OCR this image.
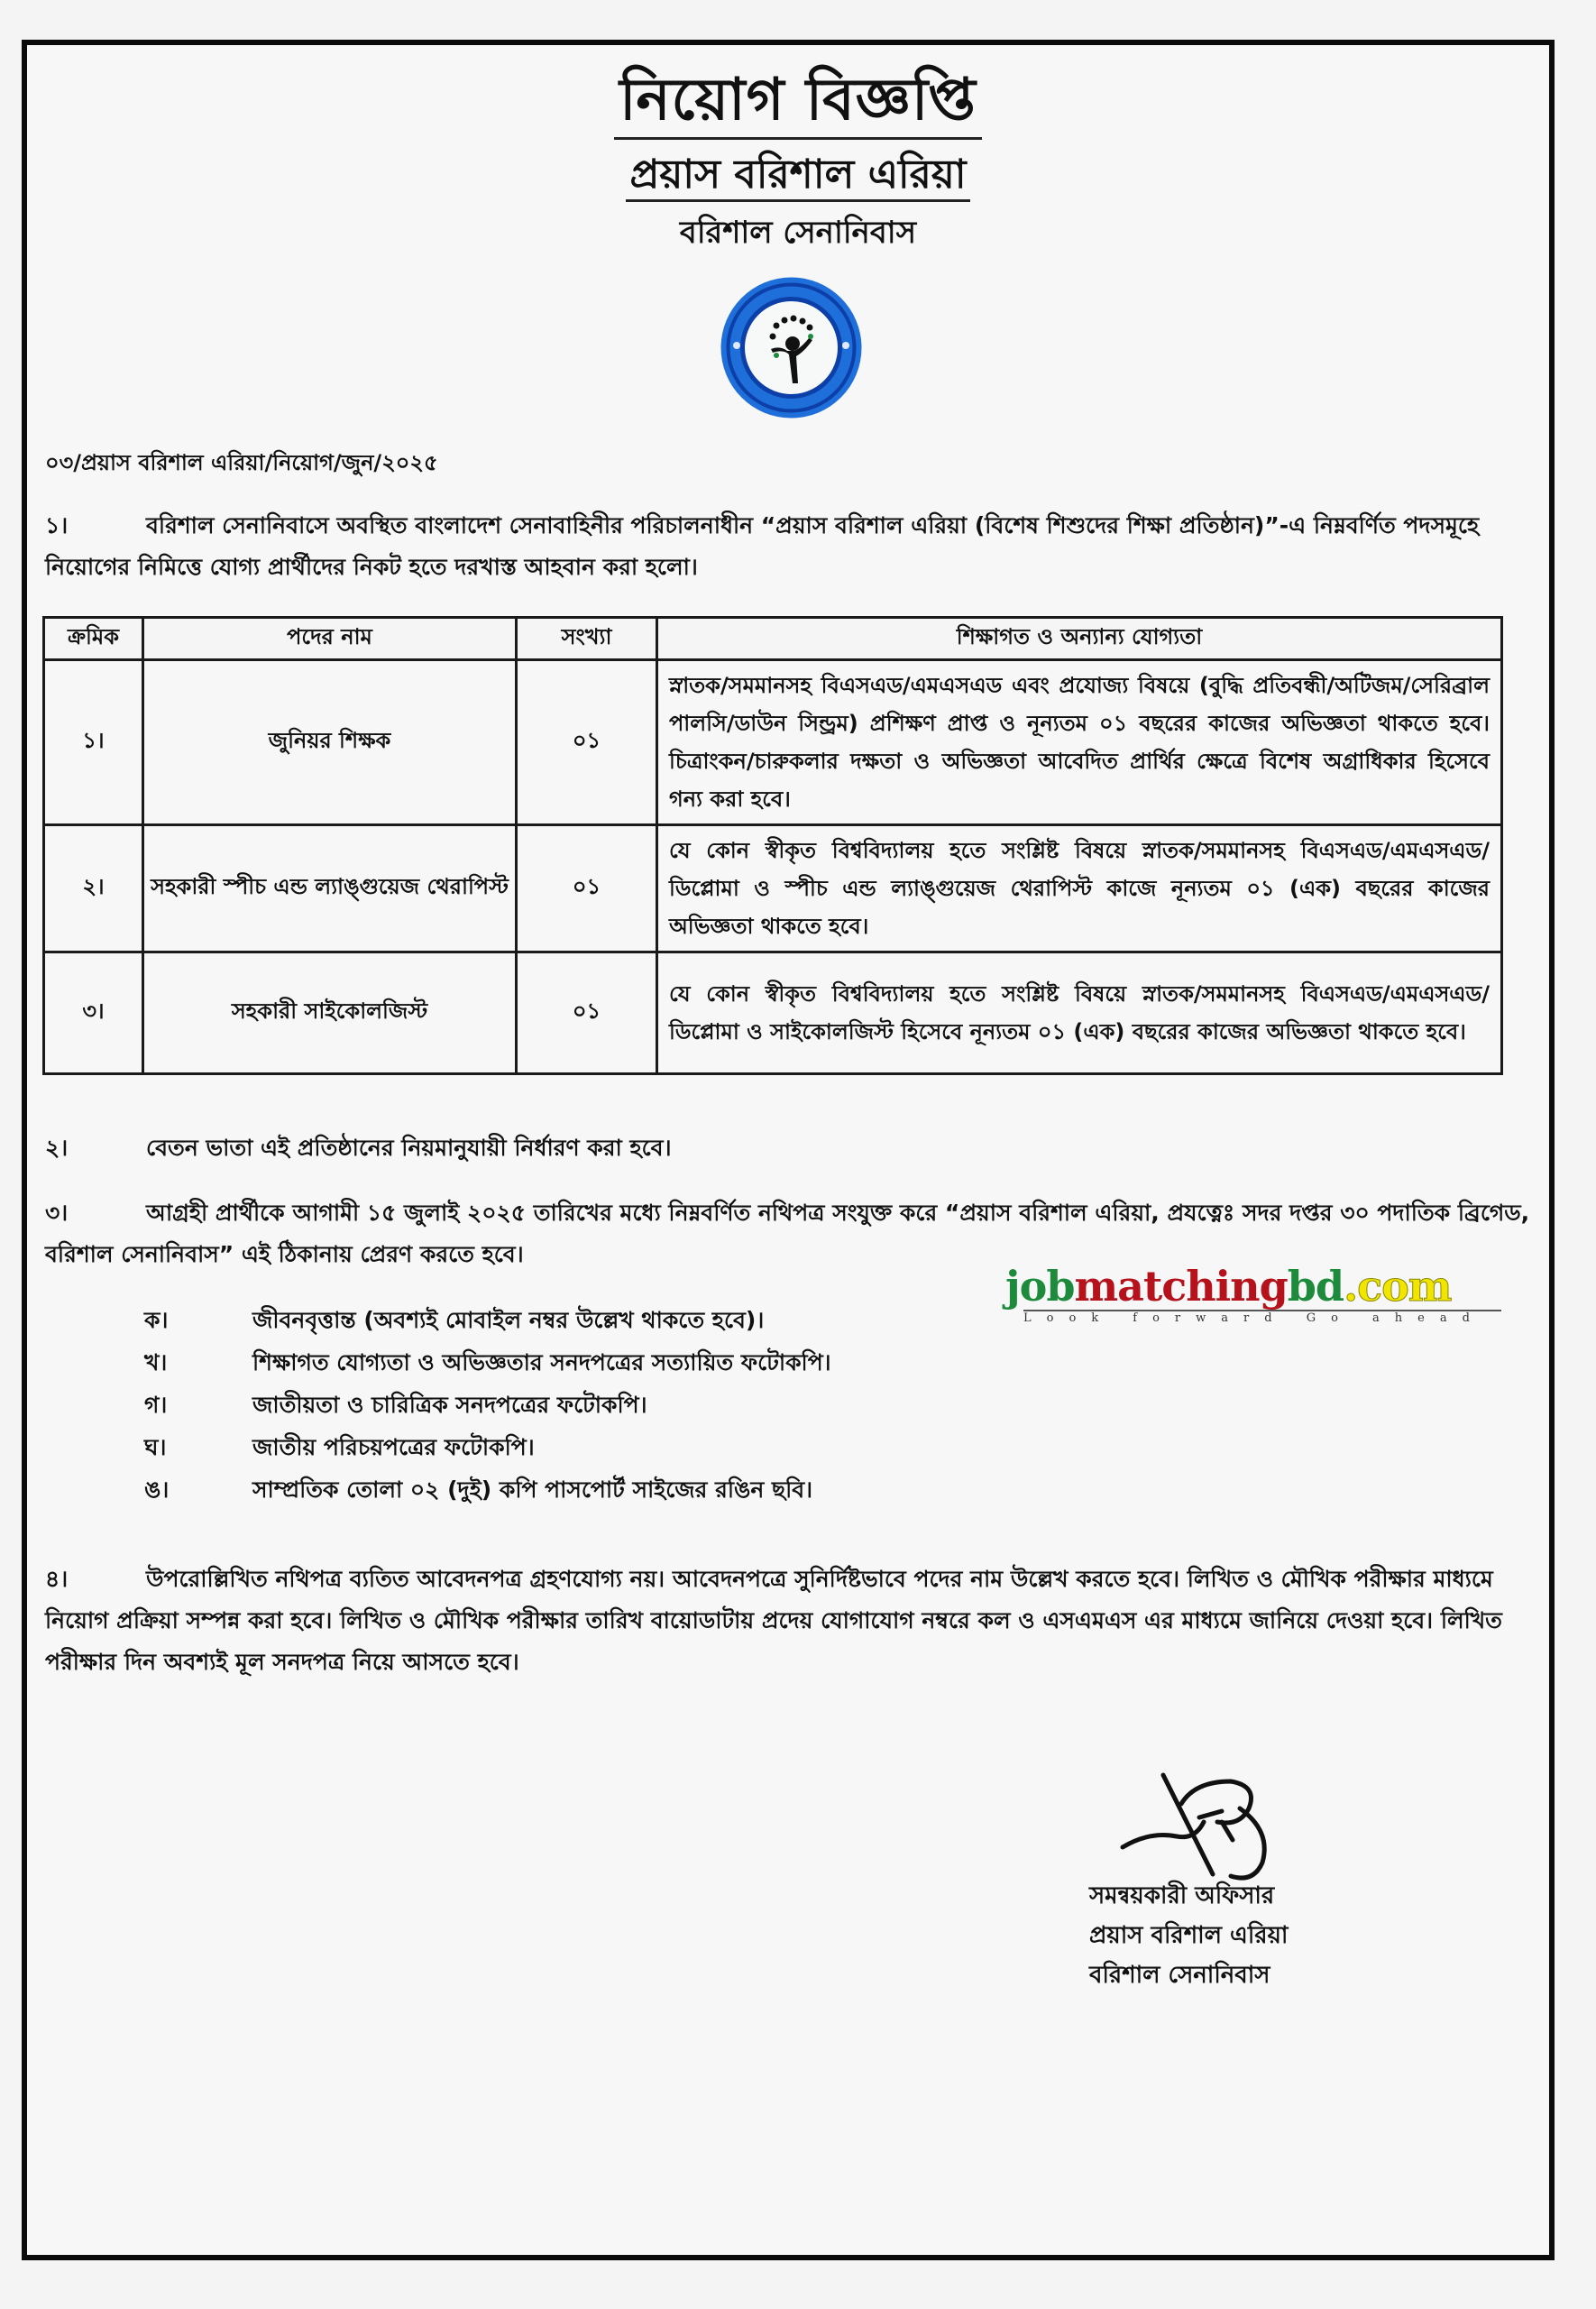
নিয়োগ বিজ্ঞপ্তি
প্রয়াস বরিশাল এরিয়া
বরিশাল সেনানিবাস
০৩/প্রয়াস বরিশাল এরিয়া/নিয়োগ/জুন/২০২৫
১।	বরিশাল সেনানিবাসে অবস্থিত বাংলাদেশ সেনাবাহিনীর পরিচালনাধীন “প্রয়াস বরিশাল এরিয়া (বিশেষ শিশুদের শিক্ষা প্রতিষ্ঠান)”-এ নিম্নবর্ণিত পদসমূহে নিয়োগের নিমিত্তে যোগ্য প্রার্থীদের নিকট হতে দরখাস্ত আহবান করা হলো।
ক্রমিক	পদের নাম	সংখ্যা	শিক্ষাগত ও অন্যান্য যোগ্যতা
১।	জুনিয়র শিক্ষক	০১	স্নাতক/সমমানসহ বিএসএড/এমএসএড এবং প্রযোজ্য বিষয়ে (বুদ্ধি প্রতিবন্ধী/অটিজম/সেরিব্রাল পালসি/ডাউন সিন্ড্রম) প্রশিক্ষণ প্রাপ্ত ও নূন্যতম ০১ বছরের কাজের অভিজ্ঞতা থাকতে হবে। চিত্রাংকন/চারুকলার দক্ষতা ও অভিজ্ঞতা আবেদিত প্রার্থির ক্ষেত্রে বিশেষ অগ্রাধিকার হিসেবে গন্য করা হবে।
২।	সহকারী স্পীচ এন্ড ল্যাঙ্গুয়েজ থেরাপিস্ট	০১	যে কোন স্বীকৃত বিশ্ববিদ্যালয় হতে সংশ্লিষ্ট বিষয়ে স্নাতক/সমমানসহ বিএসএড/এমএসএড/ডিপ্লোমা ও স্পীচ এন্ড ল্যাঙ্গুয়েজ থেরাপিস্ট কাজে নূন্যতম ০১ (এক) বছরের কাজের অভিজ্ঞতা থাকতে হবে।
৩।	সহকারী সাইকোলজিস্ট	০১	যে কোন স্বীকৃত বিশ্ববিদ্যালয় হতে সংশ্লিষ্ট বিষয়ে স্নাতক/সমমানসহ বিএসএড/এমএসএড/ডিপ্লোমা ও সাইকোলজিস্ট হিসেবে নূন্যতম ০১ (এক) বছরের কাজের অভিজ্ঞতা থাকতে হবে।
২।	বেতন ভাতা এই প্রতিষ্ঠানের নিয়মানুযায়ী নির্ধারণ করা হবে।
৩।	আগ্রহী প্রার্থীকে আগামী ১৫ জুলাই ২০২৫ তারিখের মধ্যে নিম্নবর্ণিত নথিপত্র সংযুক্ত করে “প্রয়াস বরিশাল এরিয়া, প্রযত্নেঃ সদর দপ্তর ৩০ পদাতিক ব্রিগেড, বরিশাল সেনানিবাস” এই ঠিকানায় প্রেরণ করতে হবে।
ক।	জীবনবৃত্তান্ত (অবশ্যই মোবাইল নম্বর উল্লেখ থাকতে হবে)।
খ।	শিক্ষাগত যোগ্যতা ও অভিজ্ঞতার সনদপত্রের সত্যায়িত ফটোকপি।
গ।	জাতীয়তা ও চারিত্রিক সনদপত্রের ফটোকপি।
ঘ।	জাতীয় পরিচয়পত্রের ফটোকপি।
ঙ।	সাম্প্রতিক তোলা ০২ (দুই) কপি পাসপোর্ট সাইজের রঙিন ছবি।
jobmatchingbd.com
Look forward Go ahead
৪।	উপরোল্লিখিত নথিপত্র ব্যতিত আবেদনপত্র গ্রহণযোগ্য নয়। আবেদনপত্রে সুনির্দিষ্টভাবে পদের নাম উল্লেখ করতে হবে। লিখিত ও মৌখিক পরীক্ষার মাধ্যমে নিয়োগ প্রক্রিয়া সম্পন্ন করা হবে। লিখিত ও মৌখিক পরীক্ষার তারিখ বায়োডাটায় প্রদেয় যোগাযোগ নম্বরে কল ও এসএমএস এর মাধ্যমে জানিয়ে দেওয়া হবে। লিখিত পরীক্ষার দিন অবশ্যই মূল সনদপত্র নিয়ে আসতে হবে।
সমন্বয়কারী অফিসার
প্রয়াস বরিশাল এরিয়া
বরিশাল সেনানিবাস
